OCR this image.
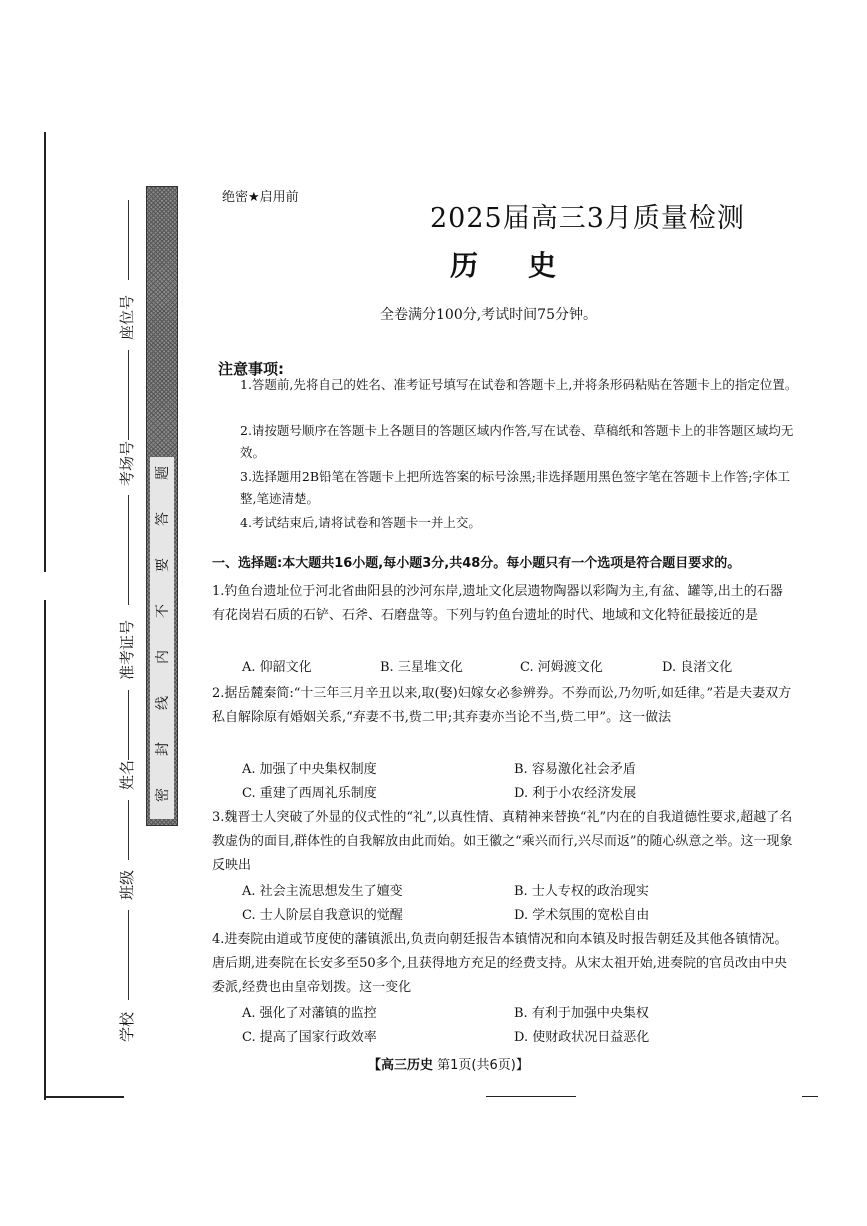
座位号
考场号
准考证号
姓名
班级
学校
题
答
要
不
内
线
封
密
绝密★启用前
2025届高三3月质量检测
历史
全卷满分100分,考试时间75分钟。
注意事项:
1.答题前,先将自己的姓名、准考证号填写在试卷和答题卡上,并将条形码粘贴在答题卡上的指定位置。
2.请按题号顺序在答题卡上各题目的答题区域内作答,写在试卷、草稿纸和答题卡上的非答题区域均无效。
3.选择题用2B铅笔在答题卡上把所选答案的标号涂黑;非选择题用黑色签字笔在答题卡上作答;字体工整,笔迹清楚。
4.考试结束后,请将试卷和答题卡一并上交。
一、选择题:本大题共16小题,每小题3分,共48分。每小题只有一个选项是符合题目要求的。
1.钓鱼台遗址位于河北省曲阳县的沙河东岸,遗址文化层遗物陶器以彩陶为主,有盆、罐等,出土的石器有花岗岩石质的石铲、石斧、石磨盘等。下列与钓鱼台遗址的时代、地域和文化特征最接近的是
A. 仰韶文化	B. 三星堆文化	C. 河姆渡文化	D. 良渚文化
2.据岳麓秦简:“十三年三月辛丑以来,取(娶)妇嫁女必参辨券。不券而讼,乃勿听,如廷律。”若是夫妻双方私自解除原有婚姻关系,“弃妻不书,赀二甲;其弃妻亦当论不当,赀二甲”。这一做法
A. 加强了中央集权制度	B. 容易激化社会矛盾
C. 重建了西周礼乐制度	D. 利于小农经济发展
3.魏晋士人突破了外显的仪式性的“礼”,以真性情、真精神来替换“礼”内在的自我道德性要求,超越了名教虚伪的面目,群体性的自我解放由此而始。如王徽之“乘兴而行,兴尽而返”的随心纵意之举。这一现象反映出
A. 社会主流思想发生了嬗变	B. 士人专权的政治现实
C. 士人阶层自我意识的觉醒	D. 学术氛围的宽松自由
4.进奏院由道或节度使的藩镇派出,负责向朝廷报告本镇情况和向本镇及时报告朝廷及其他各镇情况。唐后期,进奏院在长安多至50多个,且获得地方充足的经费支持。从宋太祖开始,进奏院的官员改由中央委派,经费也由皇帝划拨。这一变化
A. 强化了对藩镇的监控	B. 有利于加强中央集权
C. 提高了国家行政效率	D. 使财政状况日益恶化
【高三历史 第1页(共6页)】
